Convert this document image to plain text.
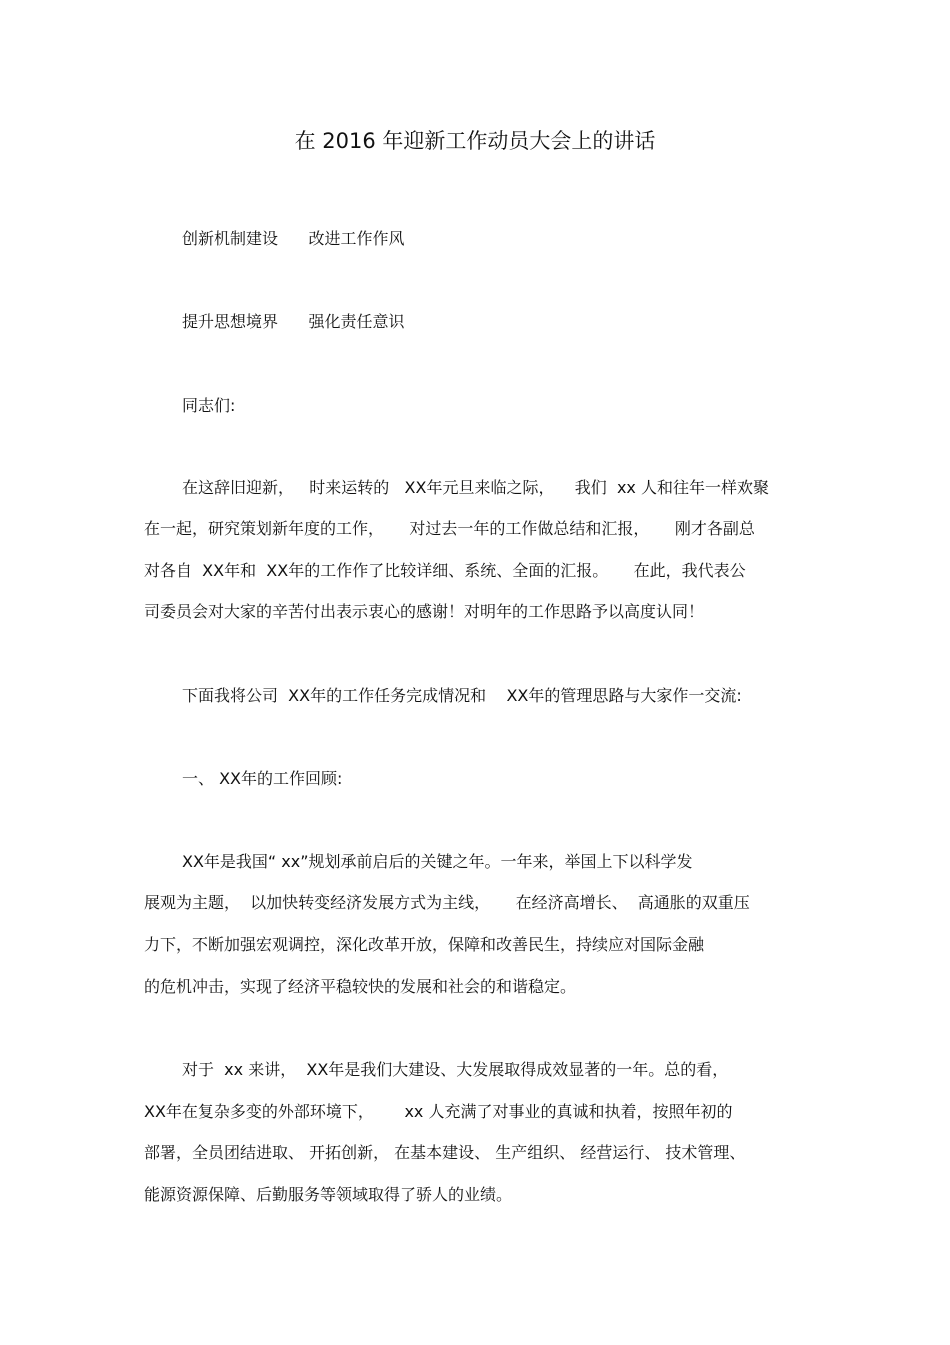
在 2016 年迎新工作动员大会上的讲话
创新机制建设      改进工作作风
提升思想境界      强化责任意识
同志们:
在这辞旧迎新，   时来运转的   XX年元旦来临之际，    我们  xx 人和往年一样欢聚
在一起，研究策划新年度的工作，     对过去一年的工作做总结和汇报，     刚才各副总
对各自  XX年和  XX年的工作作了比较详细、系统、全面的汇报。     在此，我代表公
司委员会对大家的辛苦付出表示衷心的感谢！对明年的工作思路予以高度认同！
下面我将公司  XX年的工作任务完成情况和    XX年的管理思路与大家作一交流:
一、 XX年的工作回顾:
XX年是我国“ xx”规划承前启后的关键之年。一年来，举国上下以科学发
展观为主题，  以加快转变经济发展方式为主线，     在经济高增长、  高通胀的双重压
力下，不断加强宏观调控，深化改革开放，保障和改善民生，持续应对国际金融
的危机冲击，实现了经济平稳较快的发展和社会的和谐稳定。
对于  xx 来讲，  XX年是我们大建设、大发展取得成效显著的一年。总的看，
XX年在复杂多变的外部环境下，      xx 人充满了对事业的真诚和执着，按照年初的
部署，全员团结进取、 开拓创新， 在基本建设、 生产组织、 经营运行、 技术管理、
能源资源保障、后勤服务等领域取得了骄人的业绩。
